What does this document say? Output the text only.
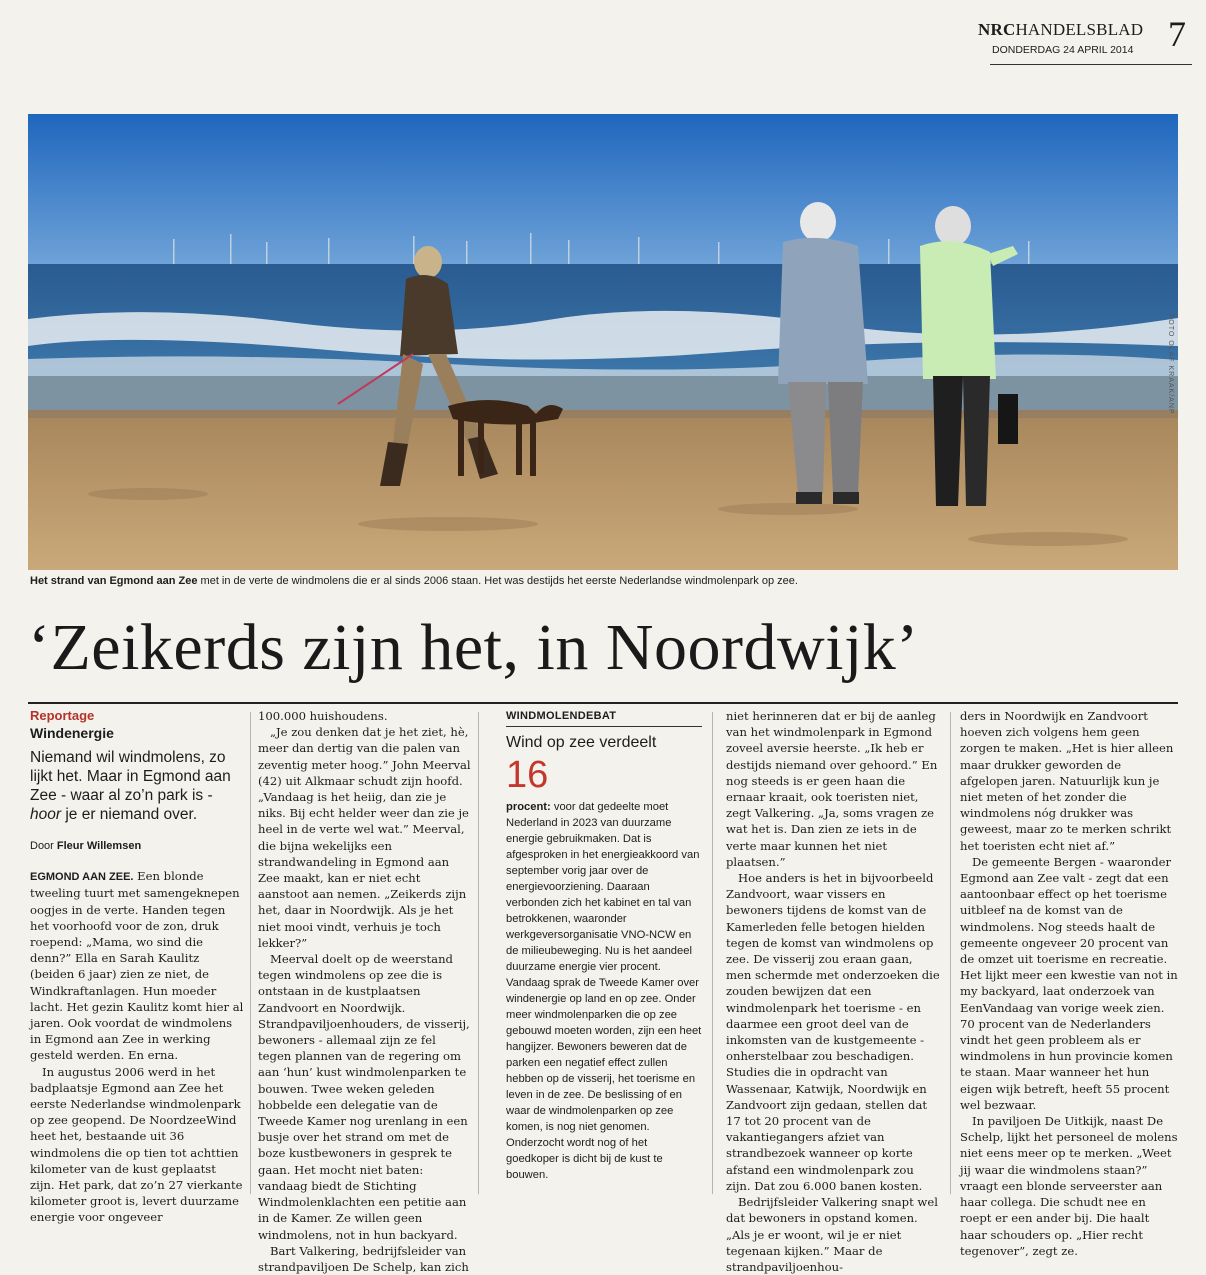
NRCHANDELSBLAD
DONDERDAG 24 APRIL 2014 7
FOTO OLAF KRAAK/ANP
Het strand van Egmond aan Zee met in de verte de windmolens die er al sinds 2006 staan. Het was destijds het eerste Nederlandse windmolenpark op zee.
‘Zeikerds zijn het, in Noordwijk’
Reportage
Windenergie
Niemand wil windmolens, zo lijkt het. Maar in Egmond aan Zee - waar al zo’n park is - hoor je er niemand over.
Door Fleur Willemsen

EGMOND AAN ZEE. Een blonde tweeling tuurt met samengeknepen oogjes in de verte. Handen tegen het voorhoofd voor de zon, druk roepend: „Mama, wo sind die denn?” Ella en Sarah Kaulitz (beiden 6 jaar) zien ze niet, de Windkraftanlagen. Hun moeder lacht. Het gezin Kaulitz komt hier al jaren. Ook voordat de windmolens in Egmond aan Zee in werking gesteld werden. En erna.

In augustus 2006 werd in het badplaatsje Egmond aan Zee het eerste Nederlandse windmolenpark op zee geopend. De NoordzeeWind heet het, bestaande uit 36 windmolens die op tien tot achttien kilometer van de kust geplaatst zijn. Het park, dat zo’n 27 vierkante kilometer groot is, levert duurzame energie voor ongeveer

100.000 huishoudens.

„Je zou denken dat je het ziet, hè, meer dan dertig van die palen van zeventig meter hoog.” John Meerval (42) uit Alkmaar schudt zijn hoofd. „Vandaag is het heiig, dan zie je niks. Bij echt helder weer dan zie je heel in de verte wel wat.” Meerval, die bijna wekelijks een strandwandeling in Egmond aan Zee maakt, kan er niet echt aanstoot aan nemen. „Zeikerds zijn het, daar in Noordwijk. Als je het niet mooi vindt, verhuis je toch lekker?”

Meerval doelt op de weerstand tegen windmolens op zee die is ontstaan in de kustplaatsen Zandvoort en Noordwijk. Strandpaviljoenhouders, de visserij, bewoners - allemaal zijn ze fel tegen plannen van de regering om aan ‘hun’ kust windmolenparken te bouwen. Twee weken geleden hobbelde een delegatie van de Tweede Kamer nog urenlang in een busje over het strand om met de boze kustbewoners in gesprek te gaan. Het mocht niet baten: vandaag biedt de Stichting Windmolenklachten een petitie aan in de Kamer. Ze willen geen windmolens, not in hun backyard.

Bart Valkering, bedrijfsleider van strandpaviljoen De Schelp, kan zich

WINDMOLENDEBAT
Wind op zee verdeelt
16

procent: voor dat gedeelte moet Nederland in 2023 van duurzame energie gebruikmaken. Dat is afgesproken in het energieakkoord van september vorig jaar over de energievoorziening. Daaraan verbonden zich het kabinet en tal van betrokkenen, waaronder werkgeversorganisatie VNO-NCW en de milieubeweging. Nu is het aandeel duurzame energie vier procent. Vandaag sprak de Tweede Kamer over windenergie op land en op zee. Onder meer windmolenparken die op zee gebouwd moeten worden, zijn een heet hangijzer. Bewoners beweren dat de parken een negatief effect zullen hebben op de visserij, het toerisme en leven in de zee. De beslissing of en waar de windmolenparken op zee komen, is nog niet genomen. Onderzocht wordt nog of het goedkoper is dicht bij de kust te bouwen.

niet herinneren dat er bij de aanleg van het windmolenpark in Egmond zoveel aversie heerste. „Ik heb er destijds niemand over gehoord.” En nog steeds is er geen haan die ernaar kraait, ook toeristen niet, zegt Valkering. „Ja, soms vragen ze wat het is. Dan zien ze iets in de verte maar kunnen het niet plaatsen.”

Hoe anders is het in bijvoorbeeld Zandvoort, waar vissers en bewoners tijdens de komst van de Kamerleden felle betogen hielden tegen de komst van windmolens op zee. De visserij zou eraan gaan, men schermde met onderzoeken die zouden bewijzen dat een windmolenpark het toerisme - en daarmee een groot deel van de inkomsten van de kustgemeente - onherstelbaar zou beschadigen. Studies die in opdracht van Wassenaar, Katwijk, Noordwijk en Zandvoort zijn gedaan, stellen dat 17 tot 20 procent van de vakantiegangers afziet van strandbezoek wanneer op korte afstand een windmolenpark zou zijn. Dat zou 6.000 banen kosten.

Bedrijfsleider Valkering snapt wel dat bewoners in opstand komen. „Als je er woont, wil je er niet tegenaan kijken.” Maar de strandpaviljoenhou-

ders in Noordwijk en Zandvoort hoeven zich volgens hem geen zorgen te maken. „Het is hier alleen maar drukker geworden de afgelopen jaren. Natuurlijk kun je niet meten of het zonder die windmolens nóg drukker was geweest, maar zo te merken schrikt het toeristen echt niet af.”

De gemeente Bergen - waaronder Egmond aan Zee valt - zegt dat een aantoonbaar effect op het toerisme uitbleef na de komst van de windmolens. Nog steeds haalt de gemeente ongeveer 20 procent van de omzet uit toerisme en recreatie. Het lijkt meer een kwestie van not in my backyard, laat onderzoek van EenVandaag van vorige week zien. 70 procent van de Nederlanders vindt het geen probleem als er windmolens in hun provincie komen te staan. Maar wanneer het hun eigen wijk betreft, heeft 55 procent wel bezwaar.

In paviljoen De Uitkijk, naast De Schelp, lijkt het personeel de molens niet eens meer op te merken. „Weet jij waar die windmolens staan?” vraagt een blonde serveerster aan haar collega. Die schudt nee en roept er een ander bij. Die haalt haar schouders op. „Hier recht tegenover”, zegt ze.
